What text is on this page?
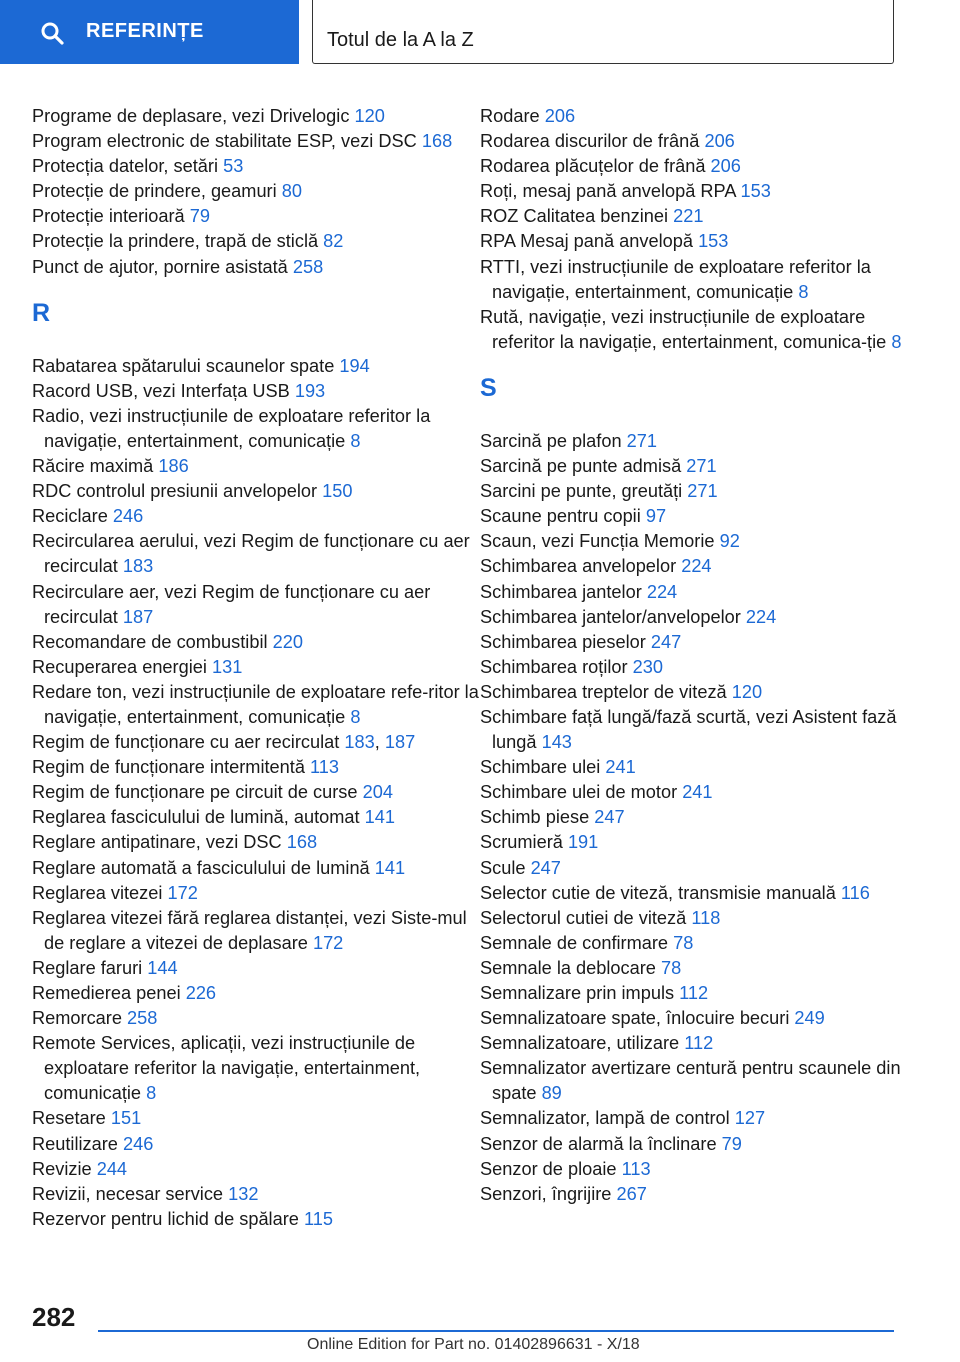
REFERINȚE	Totul de la A la Z
Programe de deplasare, vezi Drivelogic 120
Program electronic de stabilitate ESP, vezi DSC 168
Protecția datelor, setări 53
Protecție de prindere, geamuri 80
Protecție interioară 79
Protecție la prindere, trapă de sticlă 82
Punct de ajutor, pornire asistată 258
R
Rabatarea spătarului scaunelor spate 194
Racord USB, vezi Interfața USB 193
Radio, vezi instrucțiunile de exploatare referitor la navigație, entertainment, comunicație 8
Răcire maximă 186
RDC controlul presiunii anvelopelor 150
Reciclare 246
Recircularea aerului, vezi Regim de funcționare cu aer recirculat 183
Recirculare aer, vezi Regim de funcționare cu aer recirculat 187
Recomandare de combustibil 220
Recuperarea energiei 131
Redare ton, vezi instrucțiunile de exploatare refe-ritor la navigație, entertainment, comunicație 8
Regim de funcționare cu aer recirculat 183, 187
Regim de funcționare intermitentă 113
Regim de funcționare pe circuit de curse 204
Reglarea fasciculului de lumină, automat 141
Reglare antipatinare, vezi DSC 168
Reglare automată a fasciculului de lumină 141
Reglarea vitezei 172
Reglarea vitezei fără reglarea distanței, vezi Siste-mul de reglare a vitezei de deplasare 172
Reglare faruri 144
Remedierea penei 226
Remorcare 258
Remote Services, aplicații, vezi instrucțiunile de exploatare referitor la navigație, entertainment, comunicație 8
Resetare 151
Reutilizare 246
Revizie 244
Revizii, necesar service 132
Rezervor pentru lichid de spălare 115
Rodare 206
Rodarea discurilor de frână 206
Rodarea plăcuțelor de frână 206
Roți, mesaj pană anvelopă RPA 153
ROZ Calitatea benzinei 221
RPA Mesaj pană anvelopă 153
RTTI, vezi instrucțiunile de exploatare referitor la navigație, entertainment, comunicație 8
Rută, navigație, vezi instrucțiunile de exploatare referitor la navigație, entertainment, comunica-ție 8
S
Sarcină pe plafon 271
Sarcină pe punte admisă 271
Sarcini pe punte, greutăți 271
Scaune pentru copii 97
Scaun, vezi Funcția Memorie 92
Schimbarea anvelopelor 224
Schimbarea jantelor 224
Schimbarea jantelor/anvelopelor 224
Schimbarea pieselor 247
Schimbarea roților 230
Schimbarea treptelor de viteză 120
Schimbare față lungă/fază scurtă, vezi Asistent fază lungă 143
Schimbare ulei 241
Schimbare ulei de motor 241
Schimb piese 247
Scrumieră 191
Scule 247
Selector cutie de viteză, transmisie manuală 116
Selectorul cutiei de viteză 118
Semnale de confirmare 78
Semnale la deblocare 78
Semnalizare prin impuls 112
Semnalizatoare spate, înlocuire becuri 249
Semnalizatoare, utilizare 112
Semnalizator avertizare centură pentru scaunele din spate 89
Semnalizator, lampă de control 127
Senzor de alarmă la înclinare 79
Senzor de ploaie 113
Senzori, îngrijire 267
282
Online Edition for Part no. 01402896631 - X/18
